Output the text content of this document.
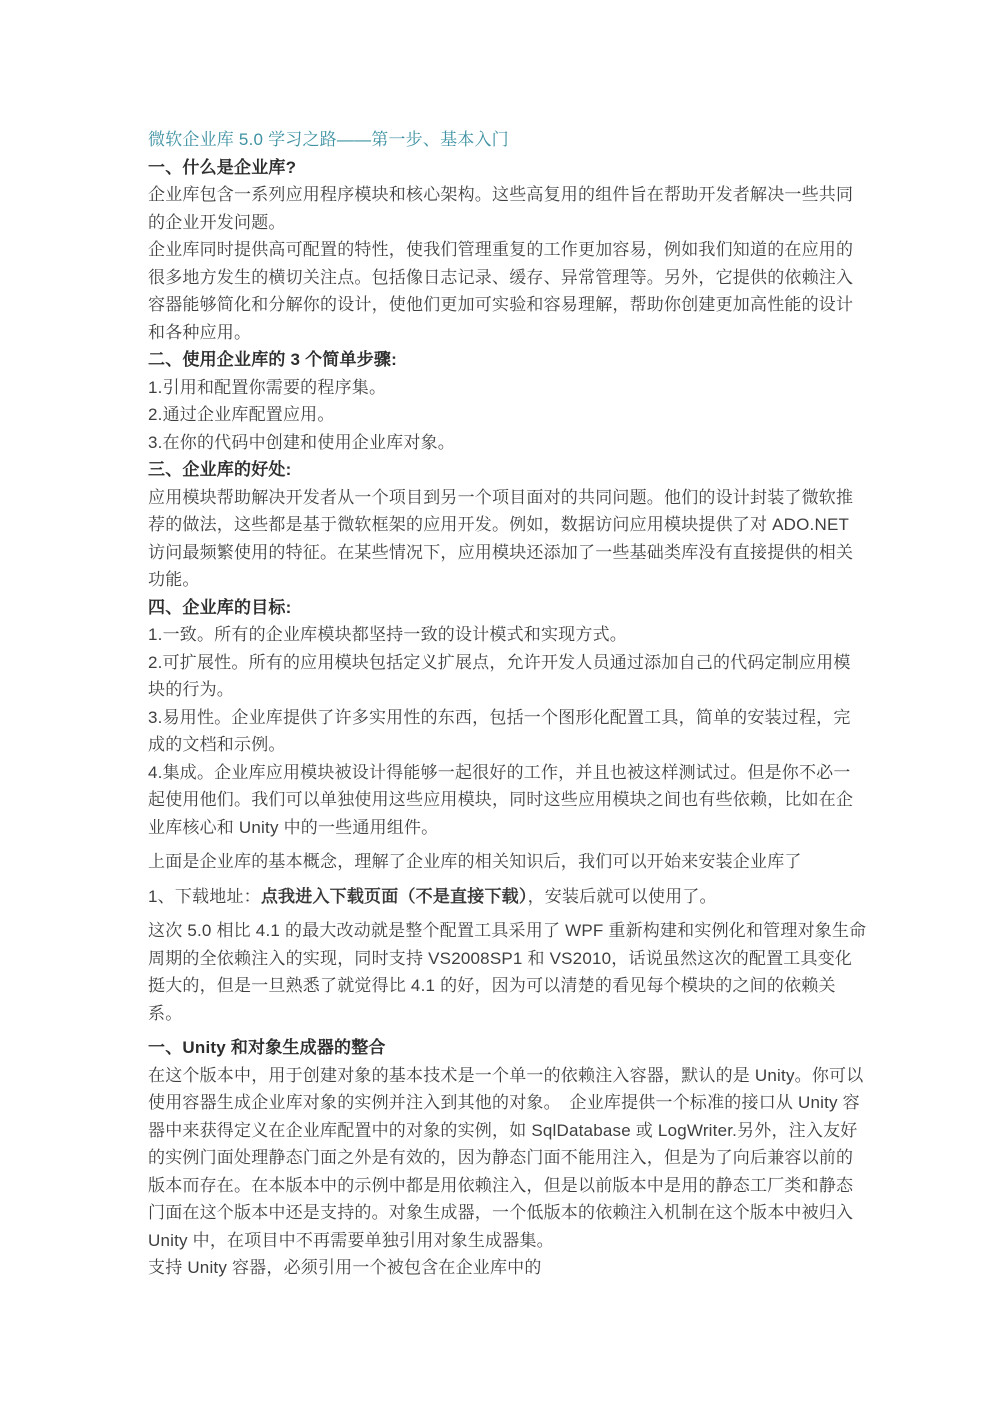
微软企业库 5.0 学习之路——第一步、基本入门
一、什么是企业库?

企业库包含一系列应用程序模块和核心架构。这些高复用的组件旨在帮助开发者解决一些共同的企业开发问题。

企业库同时提供高可配置的特性，使我们管理重复的工作更加容易，例如我们知道的在应用的很多地方发生的横切关注点。包括像日志记录、缓存、异常管理等。另外，它提供的依赖注入容器能够简化和分解你的设计，使他们更加可实验和容易理解，帮助你创建更加高性能的设计和各种应用。

二、使用企业库的 3 个简单步骤:

1.引用和配置你需要的程序集。

2.通过企业库配置应用。

3.在你的代码中创建和使用企业库对象。

三、企业库的好处:

应用模块帮助解决开发者从一个项目到另一个项目面对的共同问题。他们的设计封装了微软推荐的做法，这些都是基于微软框架的应用开发。例如，数据访问应用模块提供了对 ADO.NET 访问最频繁使用的特征。在某些情况下，应用模块还添加了一些基础类库没有直接提供的相关功能。

四、企业库的目标:

1.一致。所有的企业库模块都坚持一致的设计模式和实现方式。

2.可扩展性。所有的应用模块包括定义扩展点，允许开发人员通过添加自己的代码定制应用模块的行为。

3.易用性。企业库提供了许多实用性的东西，包括一个图形化配置工具，简单的安装过程，完成的文档和示例。

4.集成。企业库应用模块被设计得能够一起很好的工作，并且也被这样测试过。但是你不必一起使用他们。我们可以单独使用这些应用模块，同时这些应用模块之间也有些依赖，比如在企业库核心和 Unity 中的一些通用组件。

上面是企业库的基本概念，理解了企业库的相关知识后，我们可以开始来安装企业库了

1、下载地址：点我进入下载页面（不是直接下载），安装后就可以使用了。

这次 5.0 相比 4.1 的最大改动就是整个配置工具采用了 WPF 重新构建和实例化和管理对象生命周期的全依赖注入的实现，同时支持 VS2008SP1 和 VS2010，话说虽然这次的配置工具变化挺大的，但是一旦熟悉了就觉得比 4.1 的好，因为可以清楚的看见每个模块的之间的依赖关系。

一、Unity 和对象生成器的整合

在这个版本中，用于创建对象的基本技术是一个单一的依赖注入容器，默认的是 Unity。你可以使用容器生成企业库对象的实例并注入到其他的对象。　企业库提供一个标准的接口从 Unity 容器中来获得定义在企业库配置中的对象的实例，如 SqlDatabase 或 LogWriter.另外，注入友好的实例门面处理静态门面之外是有效的，因为静态门面不能用注入，但是为了向后兼容以前的版本而存在。在本版本中的示例中都是用依赖注入，但是以前版本中是用的静态工厂类和静态门面在这个版本中还是支持的。对象生成器，一个低版本的依赖注入机制在这个版本中被归入 Unity 中，在项目中不再需要单独引用对象生成器集。

支持 Unity 容器，必须引用一个被包含在企业库中的
